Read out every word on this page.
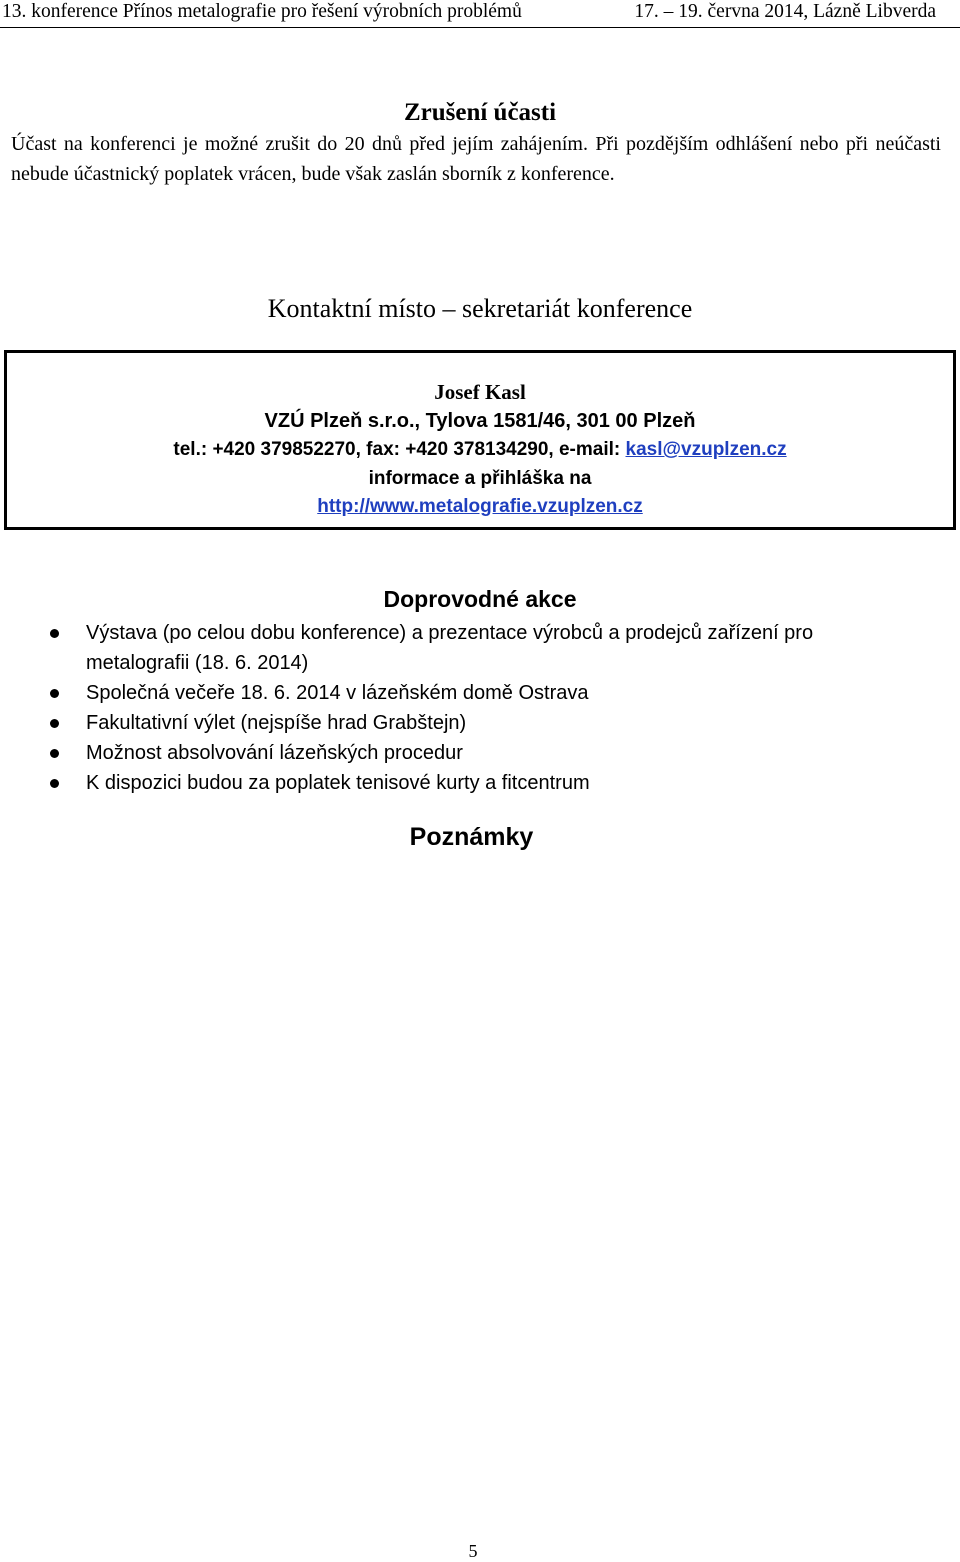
13. konference Přínos metalografie pro řešení výrobních problémů	17. – 19. června 2014, Lázně Libverda
Zrušení účasti
Účast na konferenci je možné zrušit do 20 dnů před jejím zahájením. Při pozdějším odhlášení nebo při neúčasti nebude účastnický poplatek vrácen, bude však zaslán sborník z konference.
Kontaktní místo – sekretariát konference
Josef Kasl
VZÚ Plzeň s.r.o., Tylova 1581/46, 301 00 Plzeň
tel.: +420 379852270, fax: +420 378134290, e-mail: kasl@vzuplzen.cz
informace a přihláška na
http://www.metalografie.vzuplzen.cz
Doprovodné akce
Výstava (po celou dobu konference) a prezentace výrobců a prodejců zařízení pro metalografii (18. 6. 2014)
Společná večeře 18. 6. 2014 v lázeňském domě Ostrava
Fakultativní výlet (nejspíše hrad Grabštejn)
Možnost absolvování lázeňských procedur
K dispozici budou za poplatek tenisové kurty a fitcentrum
Poznámky
5
